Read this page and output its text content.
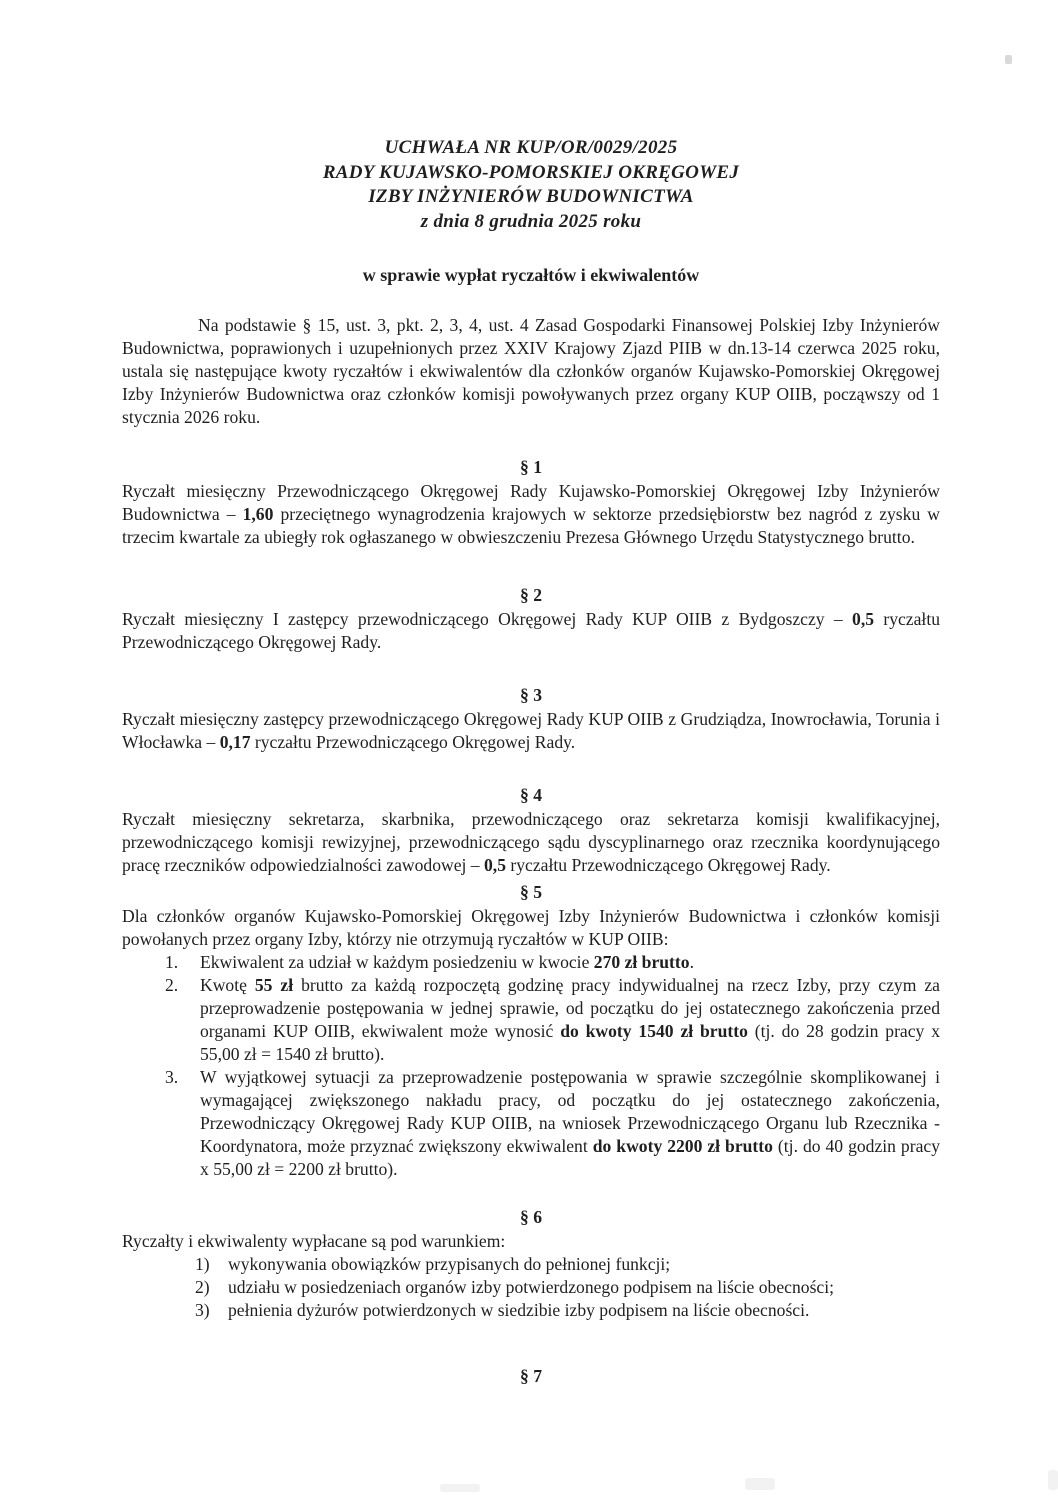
UCHWAŁA NR KUP/OR/0029/2025
RADY KUJAWSKO-POMORSKIEJ OKRĘGOWEJ
IZBY INŻYNIERÓW BUDOWNICTWA
z dnia 8 grudnia 2025 roku
w sprawie wypłat ryczałtów i ekwiwalentów

Na podstawie § 15, ust. 3, pkt. 2, 3, 4, ust. 4 Zasad Gospodarki Finansowej Polskiej Izby Inżynierów Budownictwa, poprawionych i uzupełnionych przez XXIV Krajowy Zjazd PIIB w dn.13-14 czerwca 2025 roku, ustala się następujące kwoty ryczałtów i ekwiwalentów dla członków organów Kujawsko-Pomorskiej Okręgowej Izby Inżynierów Budownictwa oraz członków komisji powoływanych przez organy KUP OIIB, począwszy od 1 stycznia 2026 roku.

§ 1

Ryczałt miesięczny Przewodniczącego Okręgowej Rady Kujawsko-Pomorskiej Okręgowej Izby Inżynierów Budownictwa – 1,60 przeciętnego wynagrodzenia krajowych w sektorze przedsiębiorstw bez nagród z zysku w trzecim kwartale za ubiegły rok ogłaszanego w obwieszczeniu Prezesa Głównego Urzędu Statystycznego brutto.

§ 2

Ryczałt miesięczny I zastępcy przewodniczącego Okręgowej Rady KUP OIIB z Bydgoszczy – 0,5 ryczałtu Przewodniczącego Okręgowej Rady.

§ 3

Ryczałt miesięczny zastępcy przewodniczącego Okręgowej Rady KUP OIIB z Grudziądza, Inowrocławia, Torunia i Włocławka – 0,17 ryczałtu Przewodniczącego Okręgowej Rady.

§ 4

Ryczałt miesięczny sekretarza, skarbnika, przewodniczącego oraz sekretarza komisji kwalifikacyjnej, przewodniczącego komisji rewizyjnej, przewodniczącego sądu dyscyplinarnego oraz rzecznika koordynującego pracę rzeczników odpowiedzialności zawodowej – 0,5 ryczałtu Przewodniczącego Okręgowej Rady.

§ 5

Dla członków organów Kujawsko-Pomorskiej Okręgowej Izby Inżynierów Budownictwa i członków komisji powołanych przez organy Izby, którzy nie otrzymują ryczałtów w KUP OIIB:

1. Ekwiwalent za udział w każdym posiedzeniu w kwocie 270 zł brutto.
2. Kwotę 55 zł brutto za każdą rozpoczętą godzinę pracy indywidualnej na rzecz Izby, przy czym za przeprowadzenie postępowania w jednej sprawie, od początku do jej ostatecznego zakończenia przed organami KUP OIIB, ekwiwalent może wynosić do kwoty 1540 zł brutto (tj. do 28 godzin pracy x 55,00 zł = 1540 zł brutto).
3. W wyjątkowej sytuacji za przeprowadzenie postępowania w sprawie szczególnie skomplikowanej i wymagającej zwiększonego nakładu pracy, od początku do jej ostatecznego zakończenia, Przewodniczący Okręgowej Rady KUP OIIB, na wniosek Przewodniczącego Organu lub Rzecznika - Koordynatora, może przyznać zwiększony ekwiwalent do kwoty 2200 zł brutto (tj. do 40 godzin pracy x 55,00 zł = 2200 zł brutto).
§ 6

Ryczałty i ekwiwalenty wypłacane są pod warunkiem:

1) wykonywania obowiązków przypisanych do pełnionej funkcji;
2) udziału w posiedzeniach organów izby potwierdzonego podpisem na liście obecności;
3) pełnienia dyżurów potwierdzonych w siedzibie izby podpisem na liście obecności.
§ 7
